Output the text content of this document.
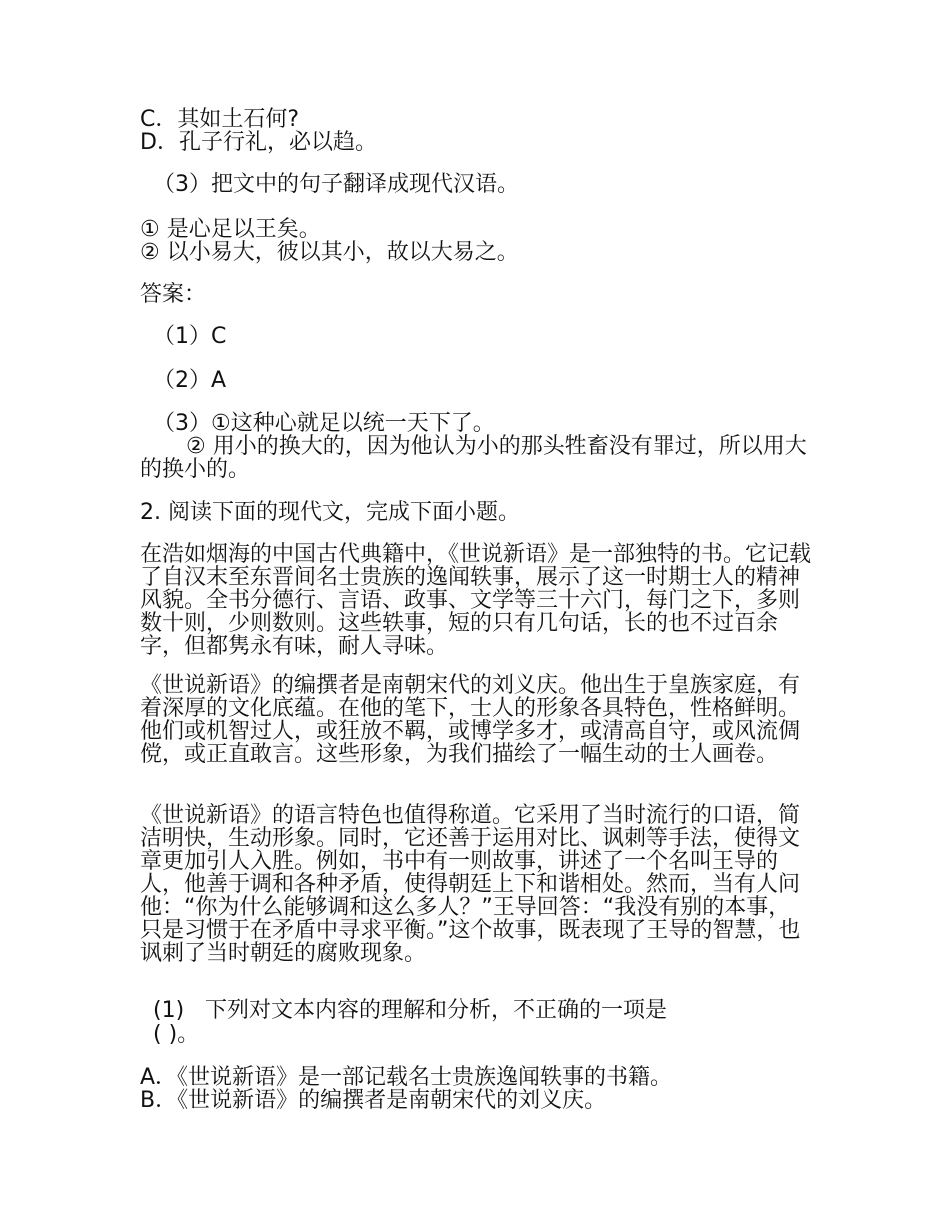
C．其如土石何?
D．孔子行礼，必以趋。
（3）把文中的句子翻译成现代汉语。
① 是心足以王矣。
② 以小易大，彼以其小，故以大易之。
答案：
（1）C
（2）A
（3）①这种心就足以统一天下了。
② 用小的换大的，因为他认为小的那头牲畜没有罪过，所以用大的换小的。
2. 阅读下面的现代文，完成下面小题。
在浩如烟海的中国古代典籍中，《世说新语》是一部独特的书。它记载了自汉末至东晋间名士贵族的逸闻轶事，展示了这一时期士人的精神风貌。全书分德行、言语、政事、文学等三十六门，每门之下，多则数十则，少则数则。这些轶事，短的只有几句话，长的也不过百余字，但都隽永有味，耐人寻味。
《世说新语》的编撰者是南朝宋代的刘义庆。他出生于皇族家庭，有着深厚的文化底蕴。在他的笔下，士人的形象各具特色，性格鲜明。他们或机智过人，或狂放不羁，或博学多才，或清高自守，或风流倜傥，或正直敢言。这些形象，为我们描绘了一幅生动的士人画卷。
《世说新语》的语言特色也值得称道。它采用了当时流行的口语，简洁明快，生动形象。同时，它还善于运用对比、讽刺等手法，使得文章更加引人入胜。例如，书中有一则故事，讲述了一个名叫王导的人，他善于调和各种矛盾，使得朝廷上下和谐相处。然而，当有人问他：“你为什么能够调和这么多人？”王导回答：“我没有别的本事，只是习惯于在矛盾中寻求平衡。”这个故事，既表现了王导的智慧，也讽刺了当时朝廷的腐败现象。
(1) 下列对文本内容的理解和分析，不正确的一项是
( )。
A．《世说新语》是一部记载名士贵族逸闻轶事的书籍。
B．《世说新语》的编撰者是南朝宋代的刘义庆。
